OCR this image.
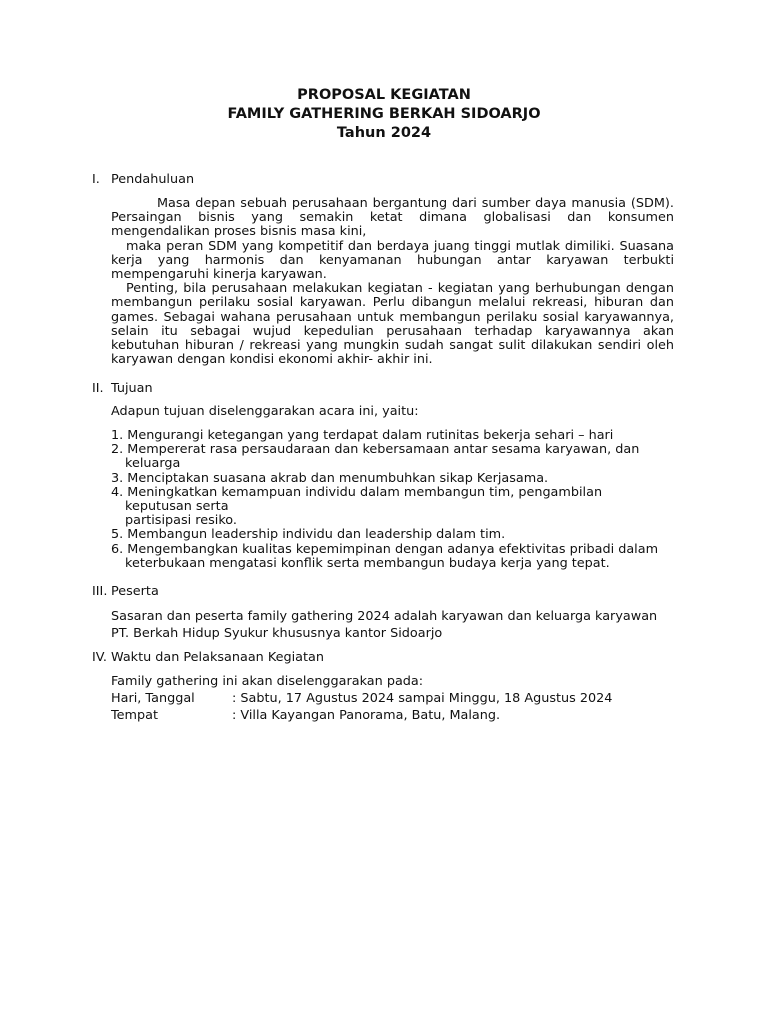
PROPOSAL KEGIATAN
FAMILY GATHERING BERKAH SIDOARJO
Tahun 2024
I. Pendahuluan

Masa depan sebuah perusahaan bergantung dari sumber daya manusia (SDM). Persaingan bisnis yang semakin ketat dimana globalisasi dan konsumen mengendalikan proses bisnis masa kini,

maka peran SDM yang kompetitif dan berdaya juang tinggi mutlak dimiliki. Suasana kerja yang harmonis dan kenyamanan hubungan antar karyawan terbukti mempengaruhi kinerja karyawan.

Penting, bila perusahaan melakukan kegiatan - kegiatan yang berhubungan dengan membangun perilaku sosial karyawan. Perlu dibangun melalui rekreasi, hiburan dan games. Sebagai wahana perusahaan untuk membangun perilaku sosial karyawannya, selain itu sebagai wujud kepedulian perusahaan terhadap karyawannya akan kebutuhan hiburan / rekreasi yang mungkin sudah sangat sulit dilakukan sendiri oleh karyawan dengan kondisi ekonomi akhir- akhir ini.

II. Tujuan
Adapun tujuan diselenggarakan acara ini, yaitu:
1. Mengurangi ketegangan yang terdapat dalam rutinitas bekerja sehari – hari
2. Mempererat rasa persaudaraan dan kebersamaan antar sesama karyawan, dan
keluarga
3. Menciptakan suasana akrab dan menumbuhkan sikap Kerjasama.
4. Meningkatkan kemampuan individu dalam membangun tim, pengambilan
keputusan serta
partisipasi resiko.
5. Membangun leadership individu dan leadership dalam tim.
6. Mengembangkan kualitas kepemimpinan dengan adanya efektivitas pribadi dalam
keterbukaan mengatasi konflik serta membangun budaya kerja yang tepat.
III. Peserta
Sasaran dan peserta family gathering 2024 adalah karyawan dan keluarga karyawan
PT. Berkah Hidup Syukur khususnya kantor Sidoarjo
IV. Waktu dan Pelaksanaan Kegiatan
Family gathering ini akan diselenggarakan pada:
Hari, Tanggal	: Sabtu, 17 Agustus 2024 sampai Minggu, 18 Agustus 2024
Tempat	: Villa Kayangan Panorama, Batu, Malang.
